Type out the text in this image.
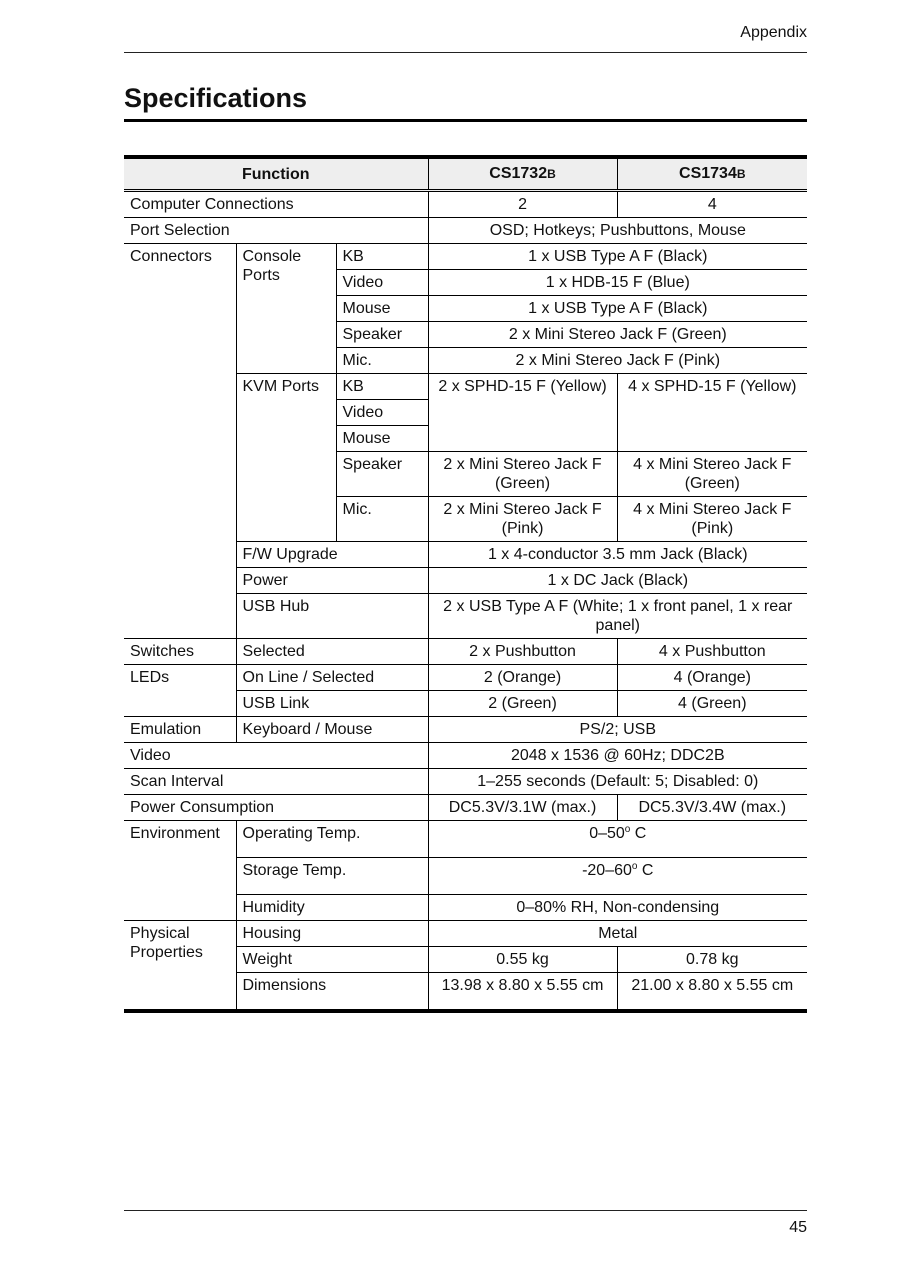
Appendix
Specifications
Function			CS1732B	CS1734B
Computer Connections			2	4
Port Selection			OSD; Hotkeys; Pushbuttons, Mouse	
Connectors	Console Ports	KB	1 x USB Type A F (Black)	
		Video	1 x HDB-15 F (Blue)	
		Mouse	1 x USB Type A F (Black)	
		Speaker	2 x Mini Stereo Jack F (Green)	
		Mic.	2 x Mini Stereo Jack F (Pink)	
	KVM Ports	KB	2 x SPHD-15 F (Yellow)	4 x SPHD-15 F (Yellow)
		Video		
		Mouse		
		Speaker	2 x Mini Stereo Jack F (Green)	4 x Mini Stereo Jack F (Green)
		Mic.	2 x Mini Stereo Jack F (Pink)	4 x Mini Stereo Jack F (Pink)
	F/W Upgrade		1 x 4-conductor 3.5 mm Jack (Black)	
	Power		1 x DC Jack (Black)	
	USB Hub		2 x USB Type A F (White; 1 x front panel, 1 x rear panel)	
Switches	Selected		2 x Pushbutton	4 x Pushbutton
LEDs	On Line / Selected		2 (Orange)	4 (Orange)
	USB Link		2 (Green)	4 (Green)
Emulation	Keyboard / Mouse		PS/2; USB	
Video			2048 x 1536 @ 60Hz; DDC2B	
Scan Interval			1–255 seconds (Default: 5; Disabled: 0)	
Power Consumption			DC5.3V/3.1W (max.)	DC5.3V/3.4W (max.)
Environment	Operating Temp.		0–50$^o$ C	
	Storage Temp.		-20–60$^o$ C	
	Humidity		0–80% RH, Non-condensing	
Physical Properties	Housing		Metal	
	Weight		0.55 kg	0.78 kg
	Dimensions		13.98 x 8.80 x 5.55 cm	21.00 x 8.80 x 5.55 cm
45
